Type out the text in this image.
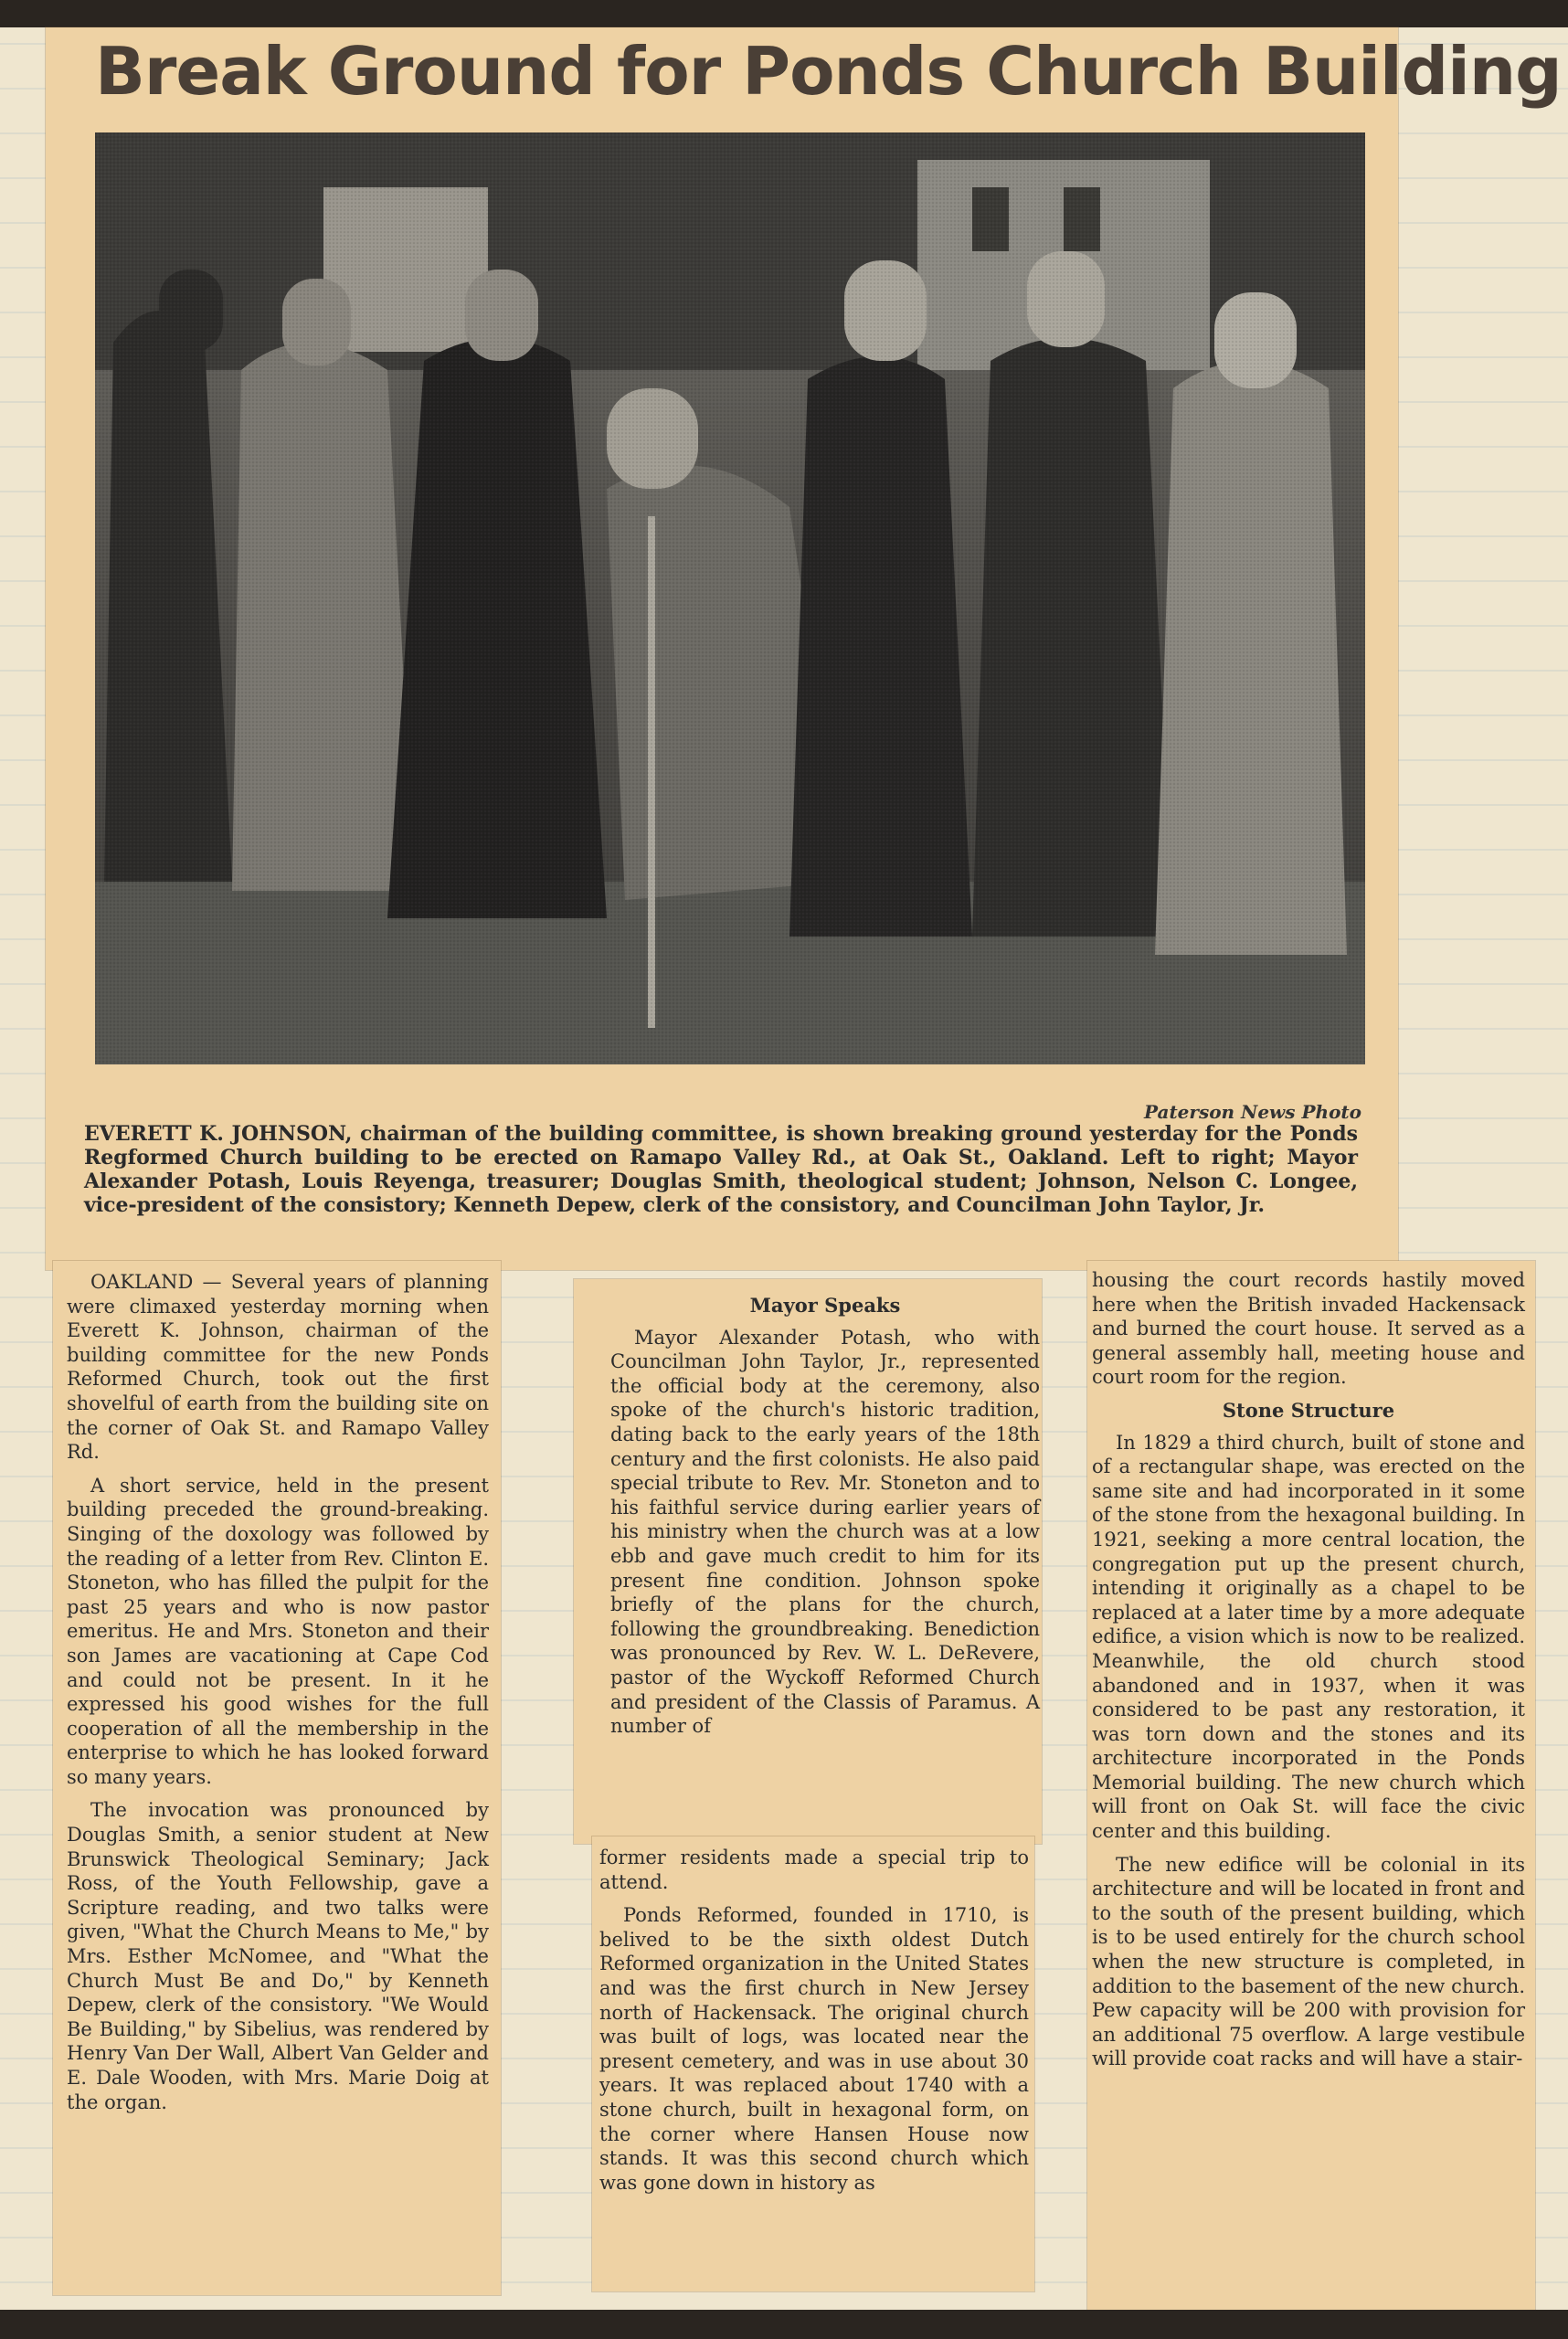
Break Ground for Ponds Church Building
Paterson News Photo

EVERETT K. JOHNSON, chairman of the building committee, is shown breaking ground yesterday for the Ponds Regformed Church building to be erected on Ramapo Valley Rd., at Oak St., Oakland. Left to right; Mayor Alexander Potash, Louis Reyenga, treasurer; Douglas Smith, theological student; Johnson, Nelson C. Longee, vice-president of the consistory; Kenneth Depew, clerk of the consistory, and Councilman John Taylor, Jr.

OAKLAND — Several years of planning were climaxed yesterday morning when Everett K. Johnson, chairman of the building committee for the new Ponds Reformed Church, took out the first shovelful of earth from the building site on the corner of Oak St. and Ramapo Valley Rd.

A short service, held in the present building preceded the ground-breaking. Singing of the doxology was followed by the reading of a letter from Rev. Clinton E. Stoneton, who has filled the pulpit for the past 25 years and who is now pastor emeritus. He and Mrs. Stoneton and their son James are vacationing at Cape Cod and could not be present. In it he expressed his good wishes for the full cooperation of all the membership in the enterprise to which he has looked forward so many years.

The invocation was pronounced by Douglas Smith, a senior student at New Brunswick Theological Seminary; Jack Ross, of the Youth Fellowship, gave a Scripture reading, and two talks were given, "What the Church Means to Me," by Mrs. Esther McNomee, and "What the Church Must Be and Do," by Kenneth Depew, clerk of the consistory. "We Would Be Building," by Sibelius, was rendered by Henry Van Der Wall, Albert Van Gelder and E. Dale Wooden, with Mrs. Marie Doig at the organ.

Mayor Speaks

Mayor Alexander Potash, who with Councilman John Taylor, Jr., represented the official body at the ceremony, also spoke of the church's historic tradition, dating back to the early years of the 18th century and the first colonists. He also paid special tribute to Rev. Mr. Stoneton and to his faithful service during earlier years of his ministry when the church was at a low ebb and gave much credit to him for its present fine condition. Johnson spoke briefly of the plans for the church, following the groundbreaking. Benediction was pronounced by Rev. W. L. DeRevere, pastor of the Wyckoff Reformed Church and president of the Classis of Paramus. A number of

former residents made a special trip to attend.

Ponds Reformed, founded in 1710, is belived to be the sixth oldest Dutch Reformed organization in the United States and was the first church in New Jersey north of Hackensack. The original church was built of logs, was located near the present cemetery, and was in use about 30 years. It was replaced about 1740 with a stone church, built in hexagonal form, on the corner where Hansen House now stands. It was this second church which was gone down in history as

housing the court records hastily moved here when the British invaded Hackensack and burned the court house. It served as a general assembly hall, meeting house and court room for the region.

Stone Structure

In 1829 a third church, built of stone and of a rectangular shape, was erected on the same site and had incorporated in it some of the stone from the hexagonal building. In 1921, seeking a more central location, the congregation put up the present church, intending it originally as a chapel to be replaced at a later time by a more adequate edifice, a vision which is now to be realized. Meanwhile, the old church stood abandoned and in 1937, when it was considered to be past any restoration, it was torn down and the stones and its architecture incorporated in the Ponds Memorial building. The new church which will front on Oak St. will face the civic center and this building.

The new edifice will be colonial in its architecture and will be located in front and to the south of the present building, which is to be used entirely for the church school when the new structure is completed, in addition to the basement of the new church. Pew capacity will be 200 with provision for an additional 75 overflow. A large vestibule will provide coat racks and will have a stair-
